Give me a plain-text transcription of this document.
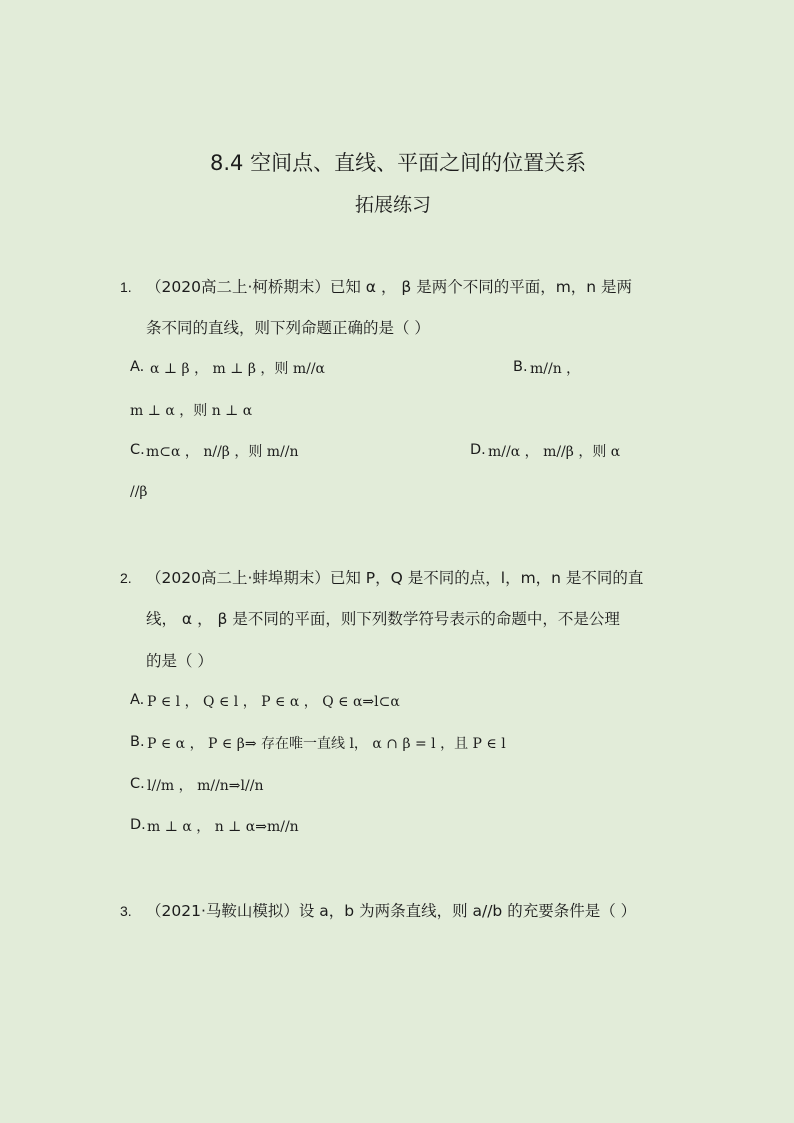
8.4 空间点、直线、平面之间的位置关系
拓展练习
1. （2020高二上·柯桥期末）已知 α ， β 是两个不同的平面，m，n 是两
条不同的直线，则下列命题正确的是（ ）
A. α ⊥ β ， m ⊥ β ，则 m//α	B. m//n ，
m ⊥ α ，则 n ⊥ α
C. m⊂α ， n//β ，则 m//n	D. m//α ， m//β ，则 α
//β
2. （2020高二上·蚌埠期末）已知 P，Q 是不同的点，l，m，n 是不同的直
线， α ， β 是不同的平面，则下列数学符号表示的命题中，不是公理
的是（ ）
A. P ∈ l ， Q ∈ l ， P ∈ α ， Q ∈ α⇒l⊂α
B. P ∈ α ， P ∈ β⇒ 存在唯一直线 l， α ∩ β = l ，且 P ∈ l
C. l//m ， m//n⇒l//n
D. m ⊥ α ， n ⊥ α⇒m//n
3. （2021·马鞍山模拟）设 a，b 为两条直线，则 a//b 的充要条件是（ ）
